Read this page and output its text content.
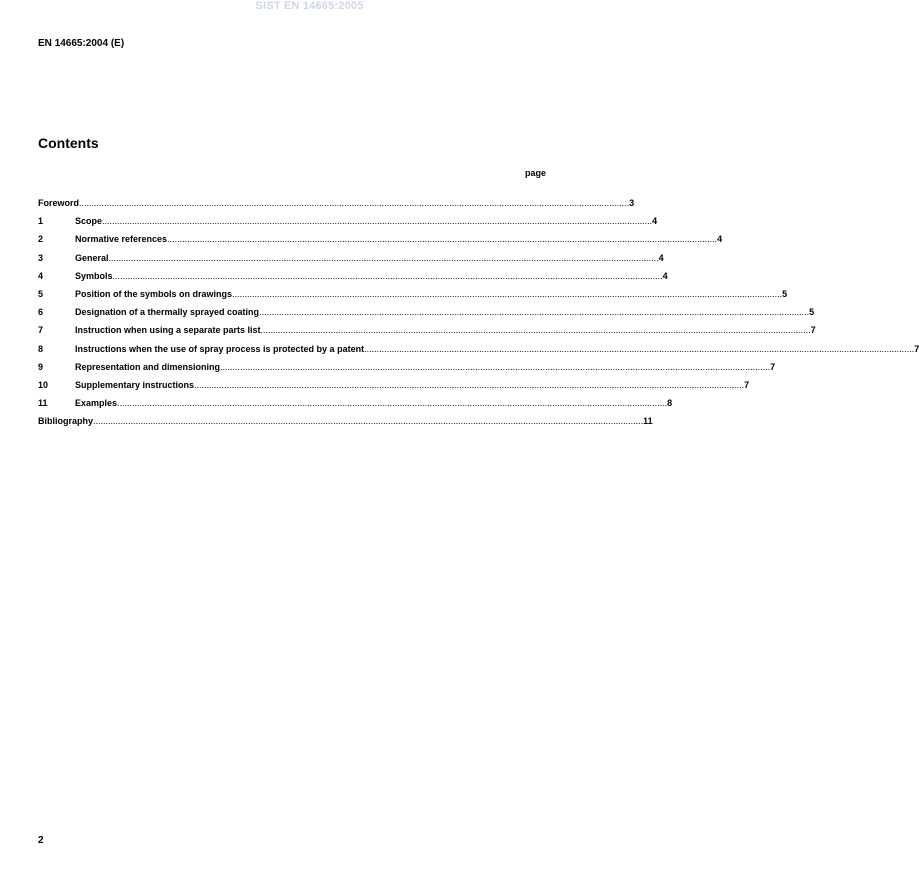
SIST EN 14665:2005
EN 14665:2004 (E)
Contents
page
Foreword ............................................................................................................................................................................................................................ 3
1	Scope ............................................................................................................................................................................................................................ 4
2	Normative references ............................................................................................................................................................................................................................ 4
3	General ............................................................................................................................................................................................................................ 4
4	Symbols ............................................................................................................................................................................................................................ 4
5	Position of the symbols on drawings ............................................................................................................................................................................................................................ 5
6	Designation of a thermally sprayed coating ............................................................................................................................................................................................................................ 5
7	Instruction when using a separate parts list ............................................................................................................................................................................................................................ 7
8	Instructions when the use of spray process is protected by a patent ............................................................................................................................................................................................................................ 7
9	Representation and dimensioning ............................................................................................................................................................................................................................ 7
10	Supplementary instructions ............................................................................................................................................................................................................................ 7
11	Examples ............................................................................................................................................................................................................................ 8
Bibliography ............................................................................................................................................................................................................................ 11
2
